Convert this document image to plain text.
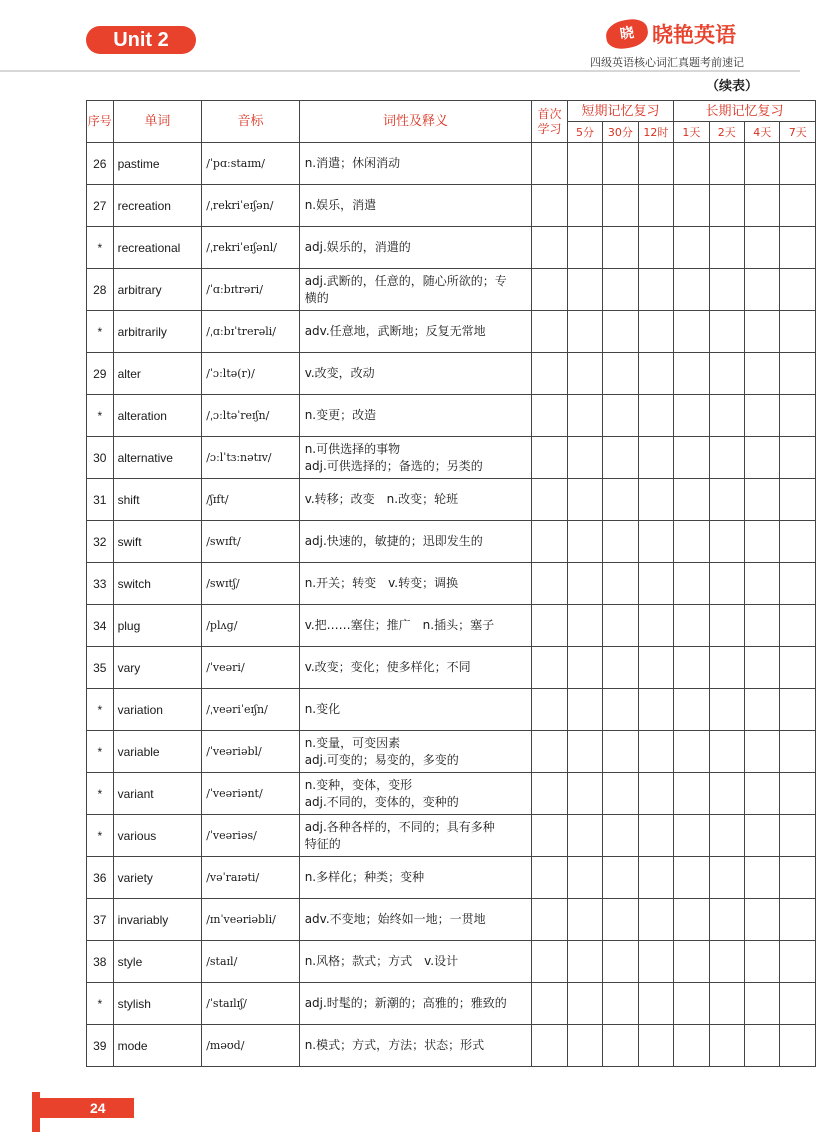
Unit 2	晓 晓艳英语
四级英语核心词汇真题考前速记
（续表）
序号	单词	音标	词性及释义	首次学习	短期记忆复习			长期记忆复习			
					5分	30分	12时	1天	2天	4天	7天
26	pastime	/ˈpɑːstaɪm/	n.消遣；休闲消动								

27	recreation	/ˌrekriˈeɪʃən/	n.娱乐，消遣								

*	recreational	/ˌrekriˈeɪʃənl/	adj.娱乐的，消遣的								

28	arbitrary	/ˈɑːbɪtrəri/	adj.武断的，任意的，随心所欲的；专
横的								

*	arbitrarily	/ˌɑːbɪˈtrerəli/	adv.任意地，武断地；反复无常地								

29	alter	/ˈɔːltə(r)/	v.改变，改动								

*	alteration	/ˌɔːltəˈreɪʃn/	n.变更；改造								

30	alternative	/ɔːlˈtɜːnətɪv/	n.可供选择的事物
adj.可供选择的；备选的；另类的								

31	shift	/ʃɪft/	v.转移；改变　n.改变；轮班								

32	swift	/swɪft/	adj.快速的，敏捷的；迅即发生的								

33	switch	/swɪtʃ/	n.开关；转变　v.转变；调换								

34	plug	/plʌɡ/	v.把……塞住；推广　n.插头；塞子								

35	vary	/ˈveəri/	v.改变；变化；使多样化；不同								

*	variation	/ˌveəriˈeɪʃn/	n.变化								

*	variable	/ˈveəriəbl/	n.变量，可变因素
adj.可变的；易变的，多变的								

*	variant	/ˈveəriənt/	n.变种，变体，变形
adj.不同的，变体的，变种的								

*	various	/ˈveəriəs/	adj.各种各样的，不同的；具有多种
特征的								

36	variety	/vəˈraɪəti/	n.多样化；种类；变种								

37	invariably	/ɪnˈveəriəbli/	adv.不变地；始终如一地；一贯地								

38	style	/staɪl/	n.风格；款式；方式　v.设计								

*	stylish	/ˈstaɪlɪʃ/	adj.时髦的；新潮的；高雅的；雅致的								

39	mode	/məʊd/	n.模式；方式，方法；状态；形式								

24
